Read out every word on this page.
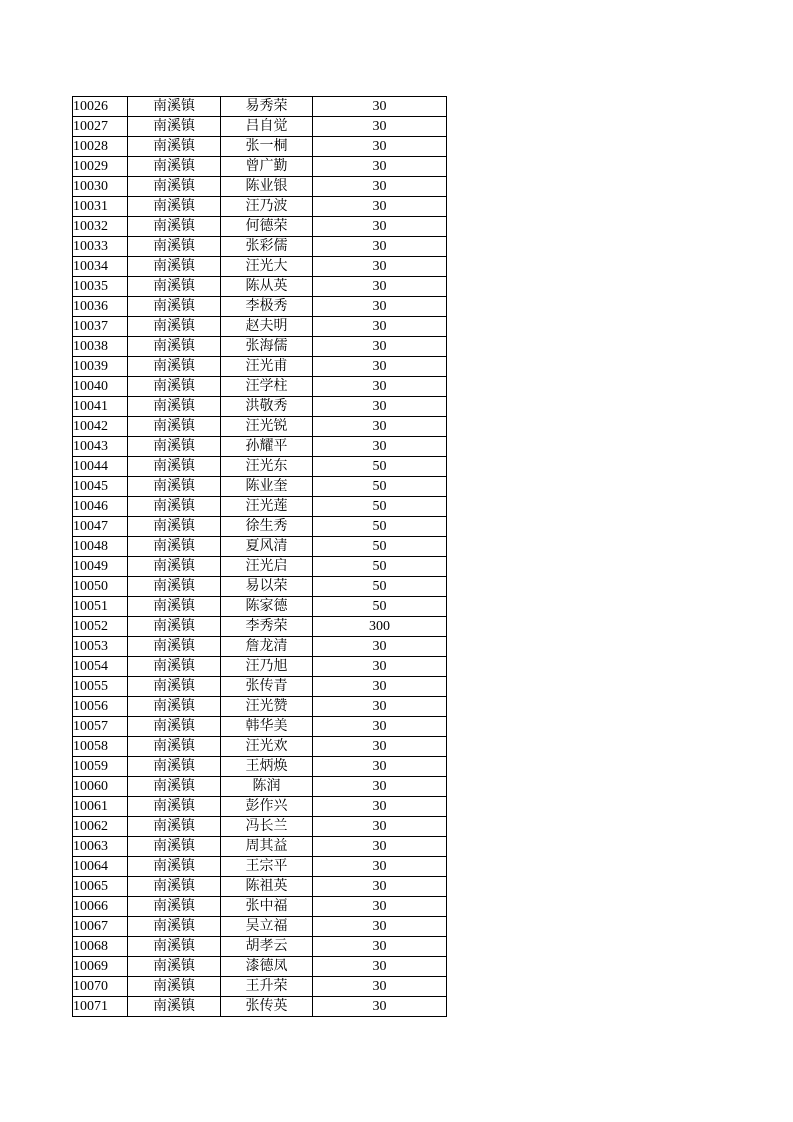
10026	南溪镇	易秀荣	30
10027	南溪镇	吕自觉	30
10028	南溪镇	张一桐	30
10029	南溪镇	曾广勤	30
10030	南溪镇	陈业银	30
10031	南溪镇	汪乃波	30
10032	南溪镇	何德荣	30
10033	南溪镇	张彩儒	30
10034	南溪镇	汪光大	30
10035	南溪镇	陈从英	30
10036	南溪镇	李极秀	30
10037	南溪镇	赵夫明	30
10038	南溪镇	张海儒	30
10039	南溪镇	汪光甫	30
10040	南溪镇	汪学柱	30
10041	南溪镇	洪敬秀	30
10042	南溪镇	汪光锐	30
10043	南溪镇	孙耀平	30
10044	南溪镇	汪光东	50
10045	南溪镇	陈业奎	50
10046	南溪镇	汪光莲	50
10047	南溪镇	徐生秀	50
10048	南溪镇	夏风清	50
10049	南溪镇	汪光启	50
10050	南溪镇	易以荣	50
10051	南溪镇	陈家德	50
10052	南溪镇	李秀荣	300
10053	南溪镇	詹龙清	30
10054	南溪镇	汪乃旭	30
10055	南溪镇	张传青	30
10056	南溪镇	汪光赞	30
10057	南溪镇	韩华美	30
10058	南溪镇	汪光欢	30
10059	南溪镇	王炳焕	30
10060	南溪镇	陈润	30
10061	南溪镇	彭作兴	30
10062	南溪镇	冯长兰	30
10063	南溪镇	周其益	30
10064	南溪镇	王宗平	30
10065	南溪镇	陈祖英	30
10066	南溪镇	张中福	30
10067	南溪镇	吴立福	30
10068	南溪镇	胡孝云	30
10069	南溪镇	漆德凤	30
10070	南溪镇	王升荣	30
10071	南溪镇	张传英	30
